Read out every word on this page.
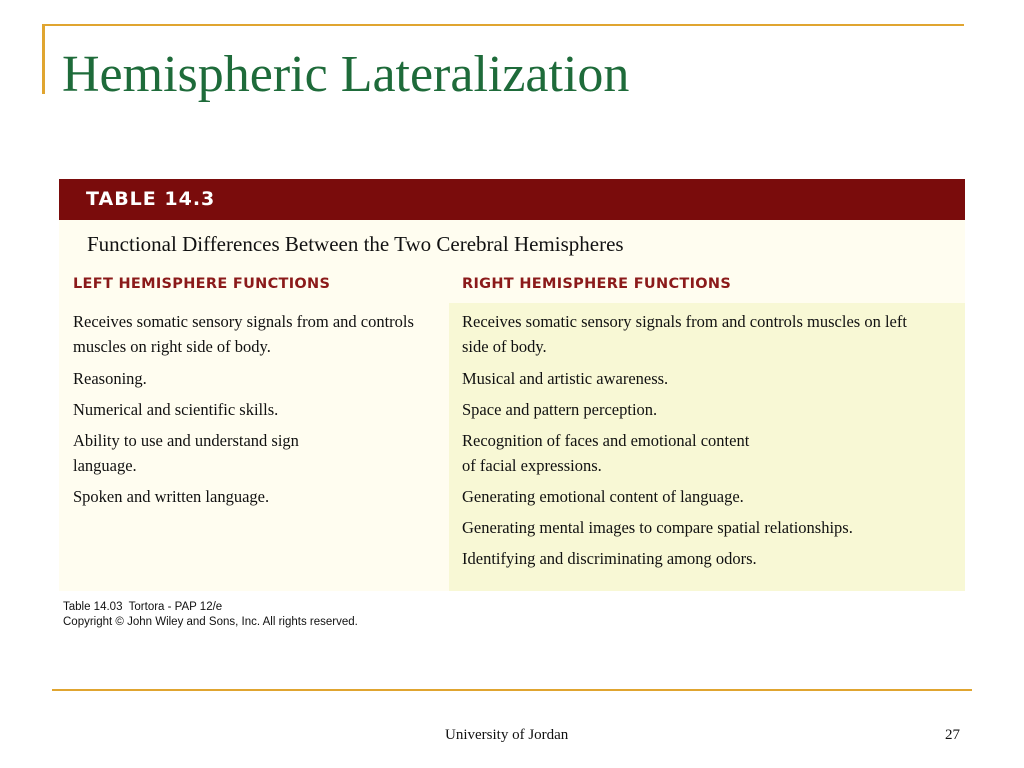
Hemispheric Lateralization
TABLE 14.3
Functional Differences Between the Two Cerebral Hemispheres
LEFT HEMISPHERE FUNCTIONS	RIGHT HEMISPHERE FUNCTIONS
Receives somatic sensory signals from and controls muscles on right side of body.
Reasoning.
Numerical and scientific skills.
Ability to use and understand sign language.
Spoken and written language.
Receives somatic sensory signals from and controls muscles on left side of body.
Musical and artistic awareness.
Space and pattern perception.
Recognition of faces and emotional content of facial expressions.
Generating emotional content of language.
Generating mental images to compare spatial relationships.
Identifying and discriminating among odors.
Table 14.03  Tortora - PAP 12/e
Copyright © John Wiley and Sons, Inc. All rights reserved.
University of Jordan	27
